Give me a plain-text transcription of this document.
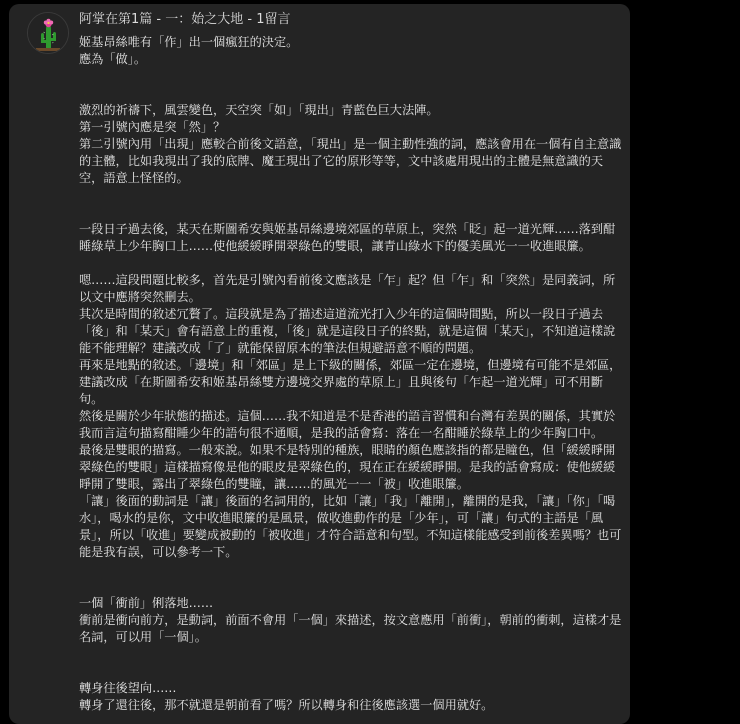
阿掌在第1篇 - 一：始之大地 - 1留言

姬基昂絲唯有「作」出一個瘋狂的決定。

應為「做」。

激烈的祈禱下，風雲變色，天空突「如」「現出」青藍色巨大法陣。

第一引號內應是突「然」？

第二引號內用「出現」應較合前後文語意，「現出」是一個主動性強的詞，應該會用在一個有自主意識的主體，比如我現出了我的底牌、魔王現出了它的原形等等，文中該處用現出的主體是無意識的天空，語意上怪怪的。

一段日子過去後，某天在斯圖希安與姬基昂絲邊境郊區的草原上，突然「眨」起一道光輝……落到酣睡綠草上少年胸口上……使他緩緩睜開翠綠色的雙眼，讓青山綠水下的優美風光一一收進眼簾。

嗯……這段問題比較多，首先是引號內看前後文應該是「乍」起？但「乍」和「突然」是同義詞，所以文中應將突然刪去。

其次是時間的敘述冗贅了。這段就是為了描述這道流光打入少年的這個時間點，所以一段日子過去「後」和「某天」會有語意上的重複，「後」就是這段日子的終點，就是這個「某天」，不知道這樣說能不能理解？建議改成「了」就能保留原本的筆法但規避語意不順的問題。

再來是地點的敘述。「邊境」和「郊區」是上下級的關係，郊區一定在邊境，但邊境有可能不是郊區，建議改成「在斯圖希安和姬基昂絲雙方邊境交界處的草原上」且與後句「乍起一道光輝」可不用斷句。

然後是關於少年狀態的描述。這個……我不知道是不是香港的語言習慣和台灣有差異的關係，其實於我而言這句描寫酣睡少年的語句很不通順，是我的話會寫：落在一名酣睡於綠草上的少年胸口中。

最後是雙眼的描寫。一般來說。如果不是特別的種族，眼睛的顏色應該指的都是瞳色，但「緩緩睜開翠綠色的雙眼」這樣描寫像是他的眼皮是翠綠色的，現在正在緩緩睜開。是我的話會寫成：使他緩緩睜開了雙眼，露出了翠綠色的雙瞳，讓……的風光一一「被」收進眼簾。

「讓」後面的動詞是「讓」後面的名詞用的，比如「讓」「我」「離開」，離開的是我，「讓」「你」「喝水」，喝水的是你，文中收進眼簾的是風景，做收進動作的是「少年」，可「讓」句式的主語是「風景」，所以「收進」要變成被動的「被收進」才符合語意和句型。不知這樣能感受到前後差異嗎？也可能是我有誤，可以參考一下。

一個「衝前」俐落地……

衝前是衝向前方，是動詞，前面不會用「一個」來描述，按文意應用「前衝」，朝前的衝刺，這樣才是名詞，可以用「一個」。

轉身往後望向……

轉身了還往後，那不就還是朝前看了嗎？所以轉身和往後應該選一個用就好。
